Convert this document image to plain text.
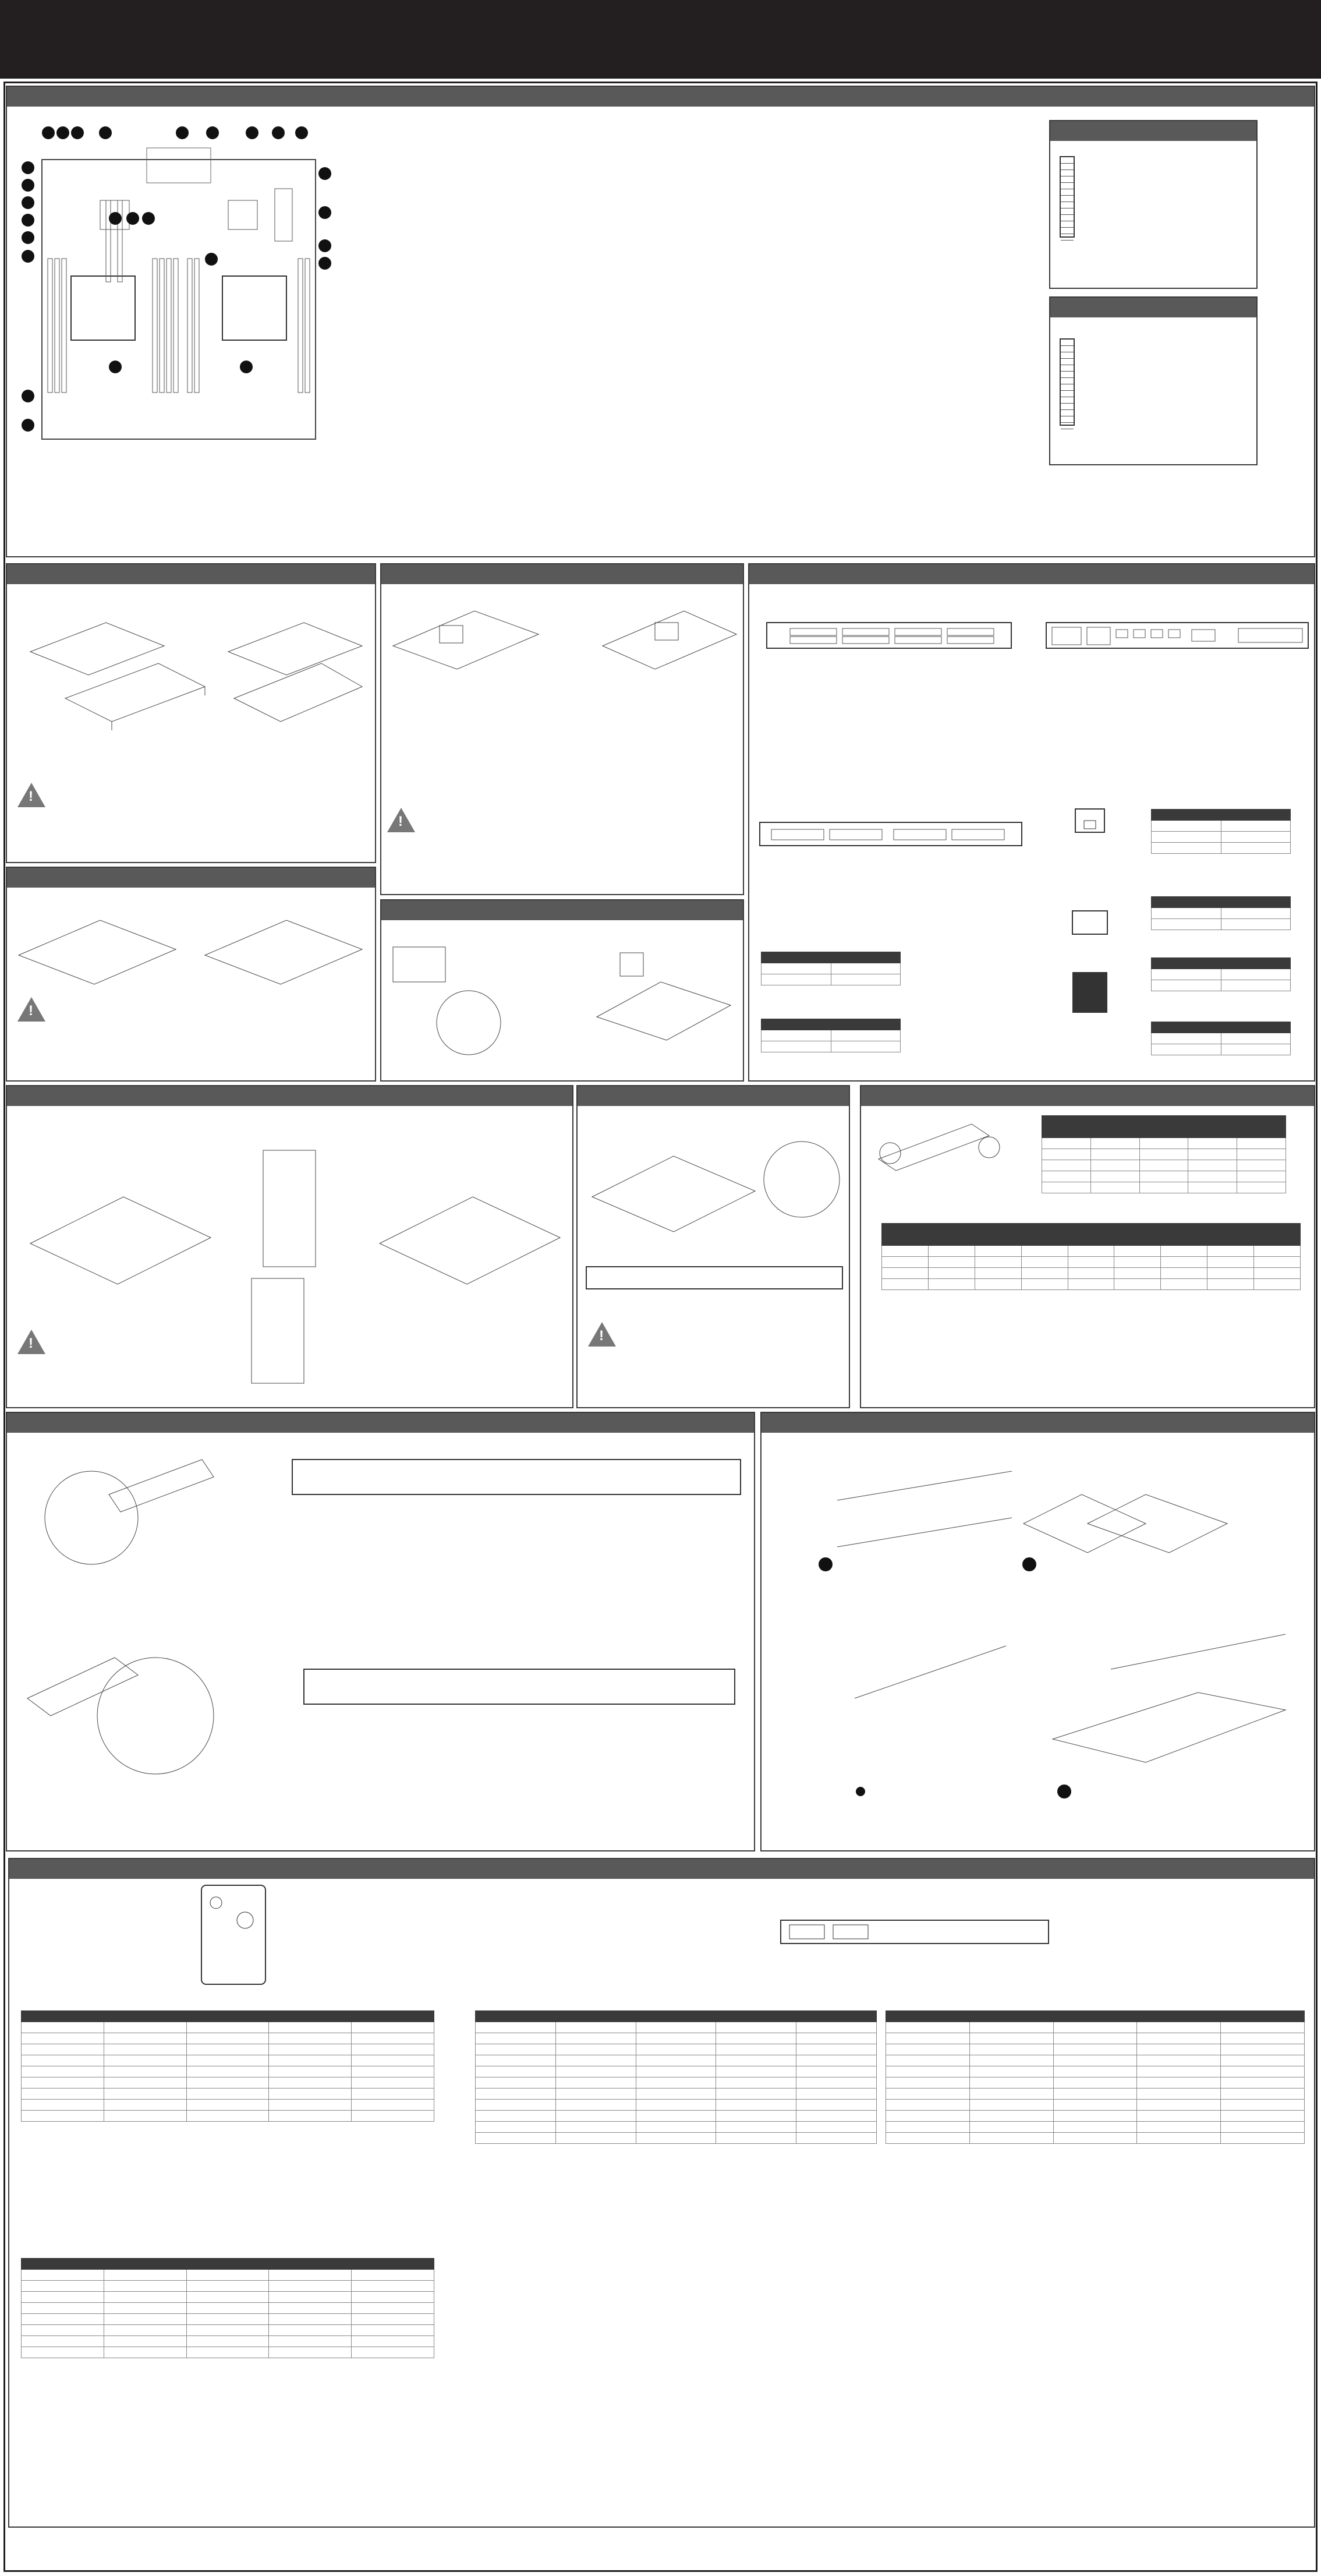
!
!

!
!
!
